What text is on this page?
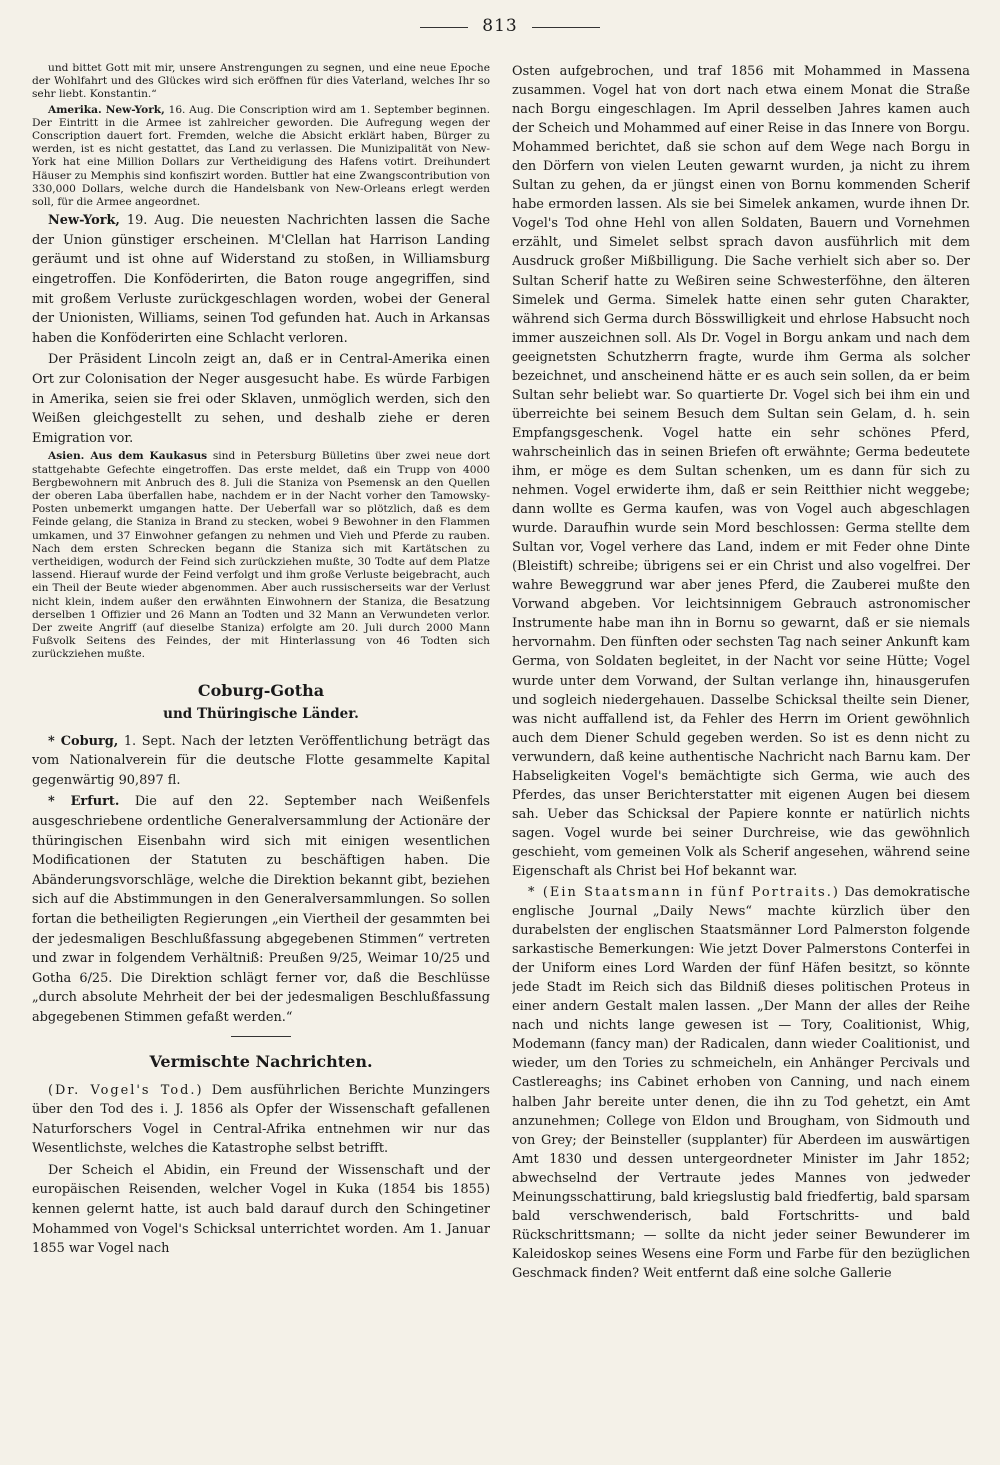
813

und bittet Gott mit mir, unsere Anstrengungen zu segnen, und eine neue Epoche der Wohlfahrt und des Glückes wird sich eröffnen für dies Vaterland, welches Ihr so sehr liebt. Konstantin.“

Amerika. New-York, 16. Aug. Die Conscription wird am 1. September beginnen. Der Eintritt in die Armee ist zahlreicher geworden. Die Aufregung wegen der Conscription dauert fort. Fremden, welche die Absicht erklärt haben, Bürger zu werden, ist es nicht gestattet, das Land zu verlassen. Die Munizipalität von New-York hat eine Million Dollars zur Vertheidigung des Hafens votirt. Dreihundert Häuser zu Memphis sind konfiszirt worden. Buttler hat eine Zwangscontribution von 330,000 Dollars, welche durch die Handelsbank von New-Orleans erlegt werden soll, für die Armee angeordnet.

New-York, 19. Aug. Die neuesten Nachrichten lassen die Sache der Union günstiger erscheinen. M'Clellan hat Harrison Landing geräumt und ist ohne auf Widerstand zu stoßen, in Williamsburg eingetroffen. Die Konföderirten, die Baton rouge angegriffen, sind mit großem Verluste zurückgeschlagen worden, wobei der General der Unionisten, Williams, seinen Tod gefunden hat. Auch in Arkansas haben die Konföderirten eine Schlacht verloren.

Der Präsident Lincoln zeigt an, daß er in Central-Amerika einen Ort zur Colonisation der Neger ausgesucht habe. Es würde Farbigen in Amerika, seien sie frei oder Sklaven, unmöglich werden, sich den Weißen gleichgestellt zu sehen, und deshalb ziehe er deren Emigration vor.

Asien. Aus dem Kaukasus sind in Petersburg Bülletins über zwei neue dort stattgehabte Gefechte eingetroffen. Das erste meldet, daß ein Trupp von 4000 Bergbewohnern mit Anbruch des 8. Juli die Staniza von Psemensk an den Quellen der oberen Laba überfallen habe, nachdem er in der Nacht vorher den Tamowsky-Posten unbemerkt umgangen hatte. Der Ueberfall war so plötzlich, daß es dem Feinde gelang, die Staniza in Brand zu stecken, wobei 9 Bewohner in den Flammen umkamen, und 37 Einwohner gefangen zu nehmen und Vieh und Pferde zu rauben. Nach dem ersten Schrecken begann die Staniza sich mit Kartätschen zu vertheidigen, wodurch der Feind sich zurückziehen mußte, 30 Todte auf dem Platze lassend. Hierauf wurde der Feind verfolgt und ihm große Verluste beigebracht, auch ein Theil der Beute wieder abgenommen. Aber auch russischerseits war der Verlust nicht klein, indem außer den erwähnten Einwohnern der Staniza, die Besatzung derselben 1 Offizier und 26 Mann an Todten und 32 Mann an Verwundeten verlor. Der zweite Angriff (auf dieselbe Staniza) erfolgte am 20. Juli durch 2000 Mann Fußvolk Seitens des Feindes, der mit Hinterlassung von 46 Todten sich zurückziehen mußte.

Coburg-Gotha
und Thüringische Länder.

* Coburg, 1. Sept. Nach der letzten Veröffentlichung beträgt das vom Nationalverein für die deutsche Flotte gesammelte Kapital gegenwärtig 90,897 fl.

* Erfurt. Die auf den 22. September nach Weißenfels ausgeschriebene ordentliche Generalversammlung der Actionäre der thüringischen Eisenbahn wird sich mit einigen wesentlichen Modificationen der Statuten zu beschäftigen haben. Die Abänderungsvorschläge, welche die Direktion bekannt gibt, beziehen sich auf die Abstimmungen in den Generalversammlungen. So sollen fortan die betheiligten Regierungen „ein Viertheil der gesammten bei der jedesmaligen Beschlußfassung abgegebenen Stimmen“ vertreten und zwar in folgendem Verhältniß: Preußen 9/25, Weimar 10/25 und Gotha 6/25. Die Direktion schlägt ferner vor, daß die Beschlüsse „durch absolute Mehrheit der bei der jedesmaligen Beschlußfassung abgegebenen Stimmen gefaßt werden.“

Vermischte Nachrichten.

(Dr. Vogel's Tod.) Dem ausführlichen Berichte Munzingers über den Tod des i. J. 1856 als Opfer der Wissenschaft gefallenen Naturforschers Vogel in Central-Afrika entnehmen wir nur das Wesentlichste, welches die Katastrophe selbst betrifft.

Der Scheich el Abidin, ein Freund der Wissenschaft und der europäischen Reisenden, welcher Vogel in Kuka (1854 bis 1855) kennen gelernt hatte, ist auch bald darauf durch den Schingetiner Mohammed von Vogel's Schicksal unterrichtet worden. Am 1. Januar 1855 war Vogel nach

Osten aufgebrochen, und traf 1856 mit Mohammed in Massena zusammen. Vogel hat von dort nach etwa einem Monat die Straße nach Borgu eingeschlagen. Im April desselben Jahres kamen auch der Scheich und Mohammed auf einer Reise in das Innere von Borgu. Mohammed berichtet, daß sie schon auf dem Wege nach Borgu in den Dörfern von vielen Leuten gewarnt wurden, ja nicht zu ihrem Sultan zu gehen, da er jüngst einen von Bornu kommenden Scherif habe ermorden lassen. Als sie bei Simelek ankamen, wurde ihnen Dr. Vogel's Tod ohne Hehl von allen Soldaten, Bauern und Vornehmen erzählt, und Simelet selbst sprach davon ausführlich mit dem Ausdruck großer Mißbilligung. Die Sache verhielt sich aber so. Der Sultan Scherif hatte zu Weßiren seine Schwesterföhne, den älteren Simelek und Germa. Simelek hatte einen sehr guten Charakter, während sich Germa durch Bösswilligkeit und ehrlose Habsucht noch immer auszeichnen soll. Als Dr. Vogel in Borgu ankam und nach dem geeignetsten Schutzherrn fragte, wurde ihm Germa als solcher bezeichnet, und anscheinend hätte er es auch sein sollen, da er beim Sultan sehr beliebt war. So quartierte Dr. Vogel sich bei ihm ein und überreichte bei seinem Besuch dem Sultan sein Gelam, d. h. sein Empfangsgeschenk. Vogel hatte ein sehr schönes Pferd, wahrscheinlich das in seinen Briefen oft erwähnte; Germa bedeutete ihm, er möge es dem Sultan schenken, um es dann für sich zu nehmen. Vogel erwiderte ihm, daß er sein Reitthier nicht weggebe; dann wollte es Germa kaufen, was von Vogel auch abgeschlagen wurde. Daraufhin wurde sein Mord beschlossen: Germa stellte dem Sultan vor, Vogel verhere das Land, indem er mit Feder ohne Dinte (Bleistift) schreibe; übrigens sei er ein Christ und also vogelfrei. Der wahre Beweggrund war aber jenes Pferd, die Zauberei mußte den Vorwand abgeben. Vor leichtsinnigem Gebrauch astronomischer Instrumente habe man ihn in Bornu so gewarnt, daß er sie niemals hervornahm. Den fünften oder sechsten Tag nach seiner Ankunft kam Germa, von Soldaten begleitet, in der Nacht vor seine Hütte; Vogel wurde unter dem Vorwand, der Sultan verlange ihn, hinausgerufen und sogleich niedergehauen. Dasselbe Schicksal theilte sein Diener, was nicht auffallend ist, da Fehler des Herrn im Orient gewöhnlich auch dem Diener Schuld gegeben werden. So ist es denn nicht zu verwundern, daß keine authentische Nachricht nach Barnu kam. Der Habseligkeiten Vogel's bemächtigte sich Germa, wie auch des Pferdes, das unser Berichterstatter mit eigenen Augen bei diesem sah. Ueber das Schicksal der Papiere konnte er natürlich nichts sagen. Vogel wurde bei seiner Durchreise, wie das gewöhnlich geschieht, vom gemeinen Volk als Scherif angesehen, während seine Eigenschaft als Christ bei Hof bekannt war.

* (Ein Staatsmann in fünf Portraits.) Das demokratische englische Journal „Daily News“ machte kürzlich über den durabelsten der englischen Staatsmänner Lord Palmerston folgende sarkastische Bemerkungen: Wie jetzt Dover Palmerstons Conterfei in der Uniform eines Lord Warden der fünf Häfen besitzt, so könnte jede Stadt im Reich sich das Bildniß dieses politischen Proteus in einer andern Gestalt malen lassen. „Der Mann der alles der Reihe nach und nichts lange gewesen ist — Tory, Coalitionist, Whig, Modemann (fancy man) der Radicalen, dann wieder Coalitionist, und wieder, um den Tories zu schmeicheln, ein Anhänger Percivals und Castlereaghs; ins Cabinet erhoben von Canning, und nach einem halben Jahr bereite unter denen, die ihn zu Tod gehetzt, ein Amt anzunehmen; College von Eldon und Brougham, von Sidmouth und von Grey; der Beinsteller (supplanter) für Aberdeen im auswärtigen Amt 1830 und dessen untergeordneter Minister im Jahr 1852; abwechselnd der Vertraute jedes Mannes von jedweder Meinungsschattirung, bald kriegslustig bald friedfertig, bald sparsam bald verschwenderisch, bald Fortschritts- und bald Rückschrittsmann; — sollte da nicht jeder seiner Bewunderer im Kaleidoskop seines Wesens eine Form und Farbe für den bezüglichen Geschmack finden? Weit entfernt daß eine solche Gallerie
